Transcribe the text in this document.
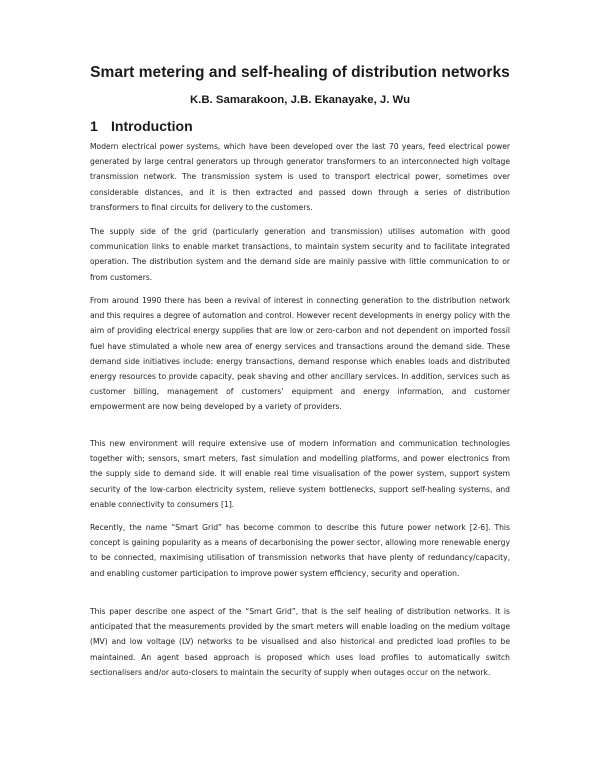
Smart metering and self-healing of distribution networks
K.B. Samarakoon, J.B. Ekanayake, J. Wu
1 Introduction

Modern electrical power systems, which have been developed over the last 70 years, feed electrical power generated by large central generators up through generator transformers to an interconnected high voltage transmission network. The transmission system is used to transport electrical power, sometimes over considerable distances, and it is then extracted and passed down through a series of distribution transformers to final circuits for delivery to the customers.

The supply side of the grid (particularly generation and transmission) utilises automation with good communication links to enable market transactions, to maintain system security and to facilitate integrated operation. The distribution system and the demand side are mainly passive with little communication to or from customers.

From around 1990 there has been a revival of interest in connecting generation to the distribution network and this requires a degree of automation and control. However recent developments in energy policy with the aim of providing electrical energy supplies that are low or zero-carbon and not dependent on imported fossil fuel have stimulated a whole new area of energy services and transactions around the demand side. These demand side initiatives include: energy transactions, demand response which enables loads and distributed energy resources to provide capacity, peak shaving and other ancillary services. In addition, services such as customer billing, management of customers’ equipment and energy information, and customer empowerment are now being developed by a variety of providers.

This new environment will require extensive use of modern information and communication technologies together with; sensors, smart meters, fast simulation and modelling platforms, and power electronics from the supply side to demand side. It will enable real time visualisation of the power system, support system security of the low-carbon electricity system, relieve system bottlenecks, support self-healing systems, and enable connectivity to consumers [1].

Recently, the name “Smart Grid” has become common to describe this future power network [2-6]. This concept is gaining popularity as a means of decarbonising the power sector, allowing more renewable energy to be connected, maximising utilisation of transmission networks that have plenty of redundancy/capacity, and enabling customer participation to improve power system efficiency, security and operation.

This paper describe one aspect of the “Smart Grid”, that is the self healing of distribution networks. It is anticipated that the measurements provided by the smart meters will enable loading on the medium voltage (MV) and low voltage (LV) networks to be visualised and also historical and predicted load profiles to be maintained. An agent based approach is proposed which uses load profiles to automatically switch sectionalisers and/or auto-closers to maintain the security of supply when outages occur on the network.
